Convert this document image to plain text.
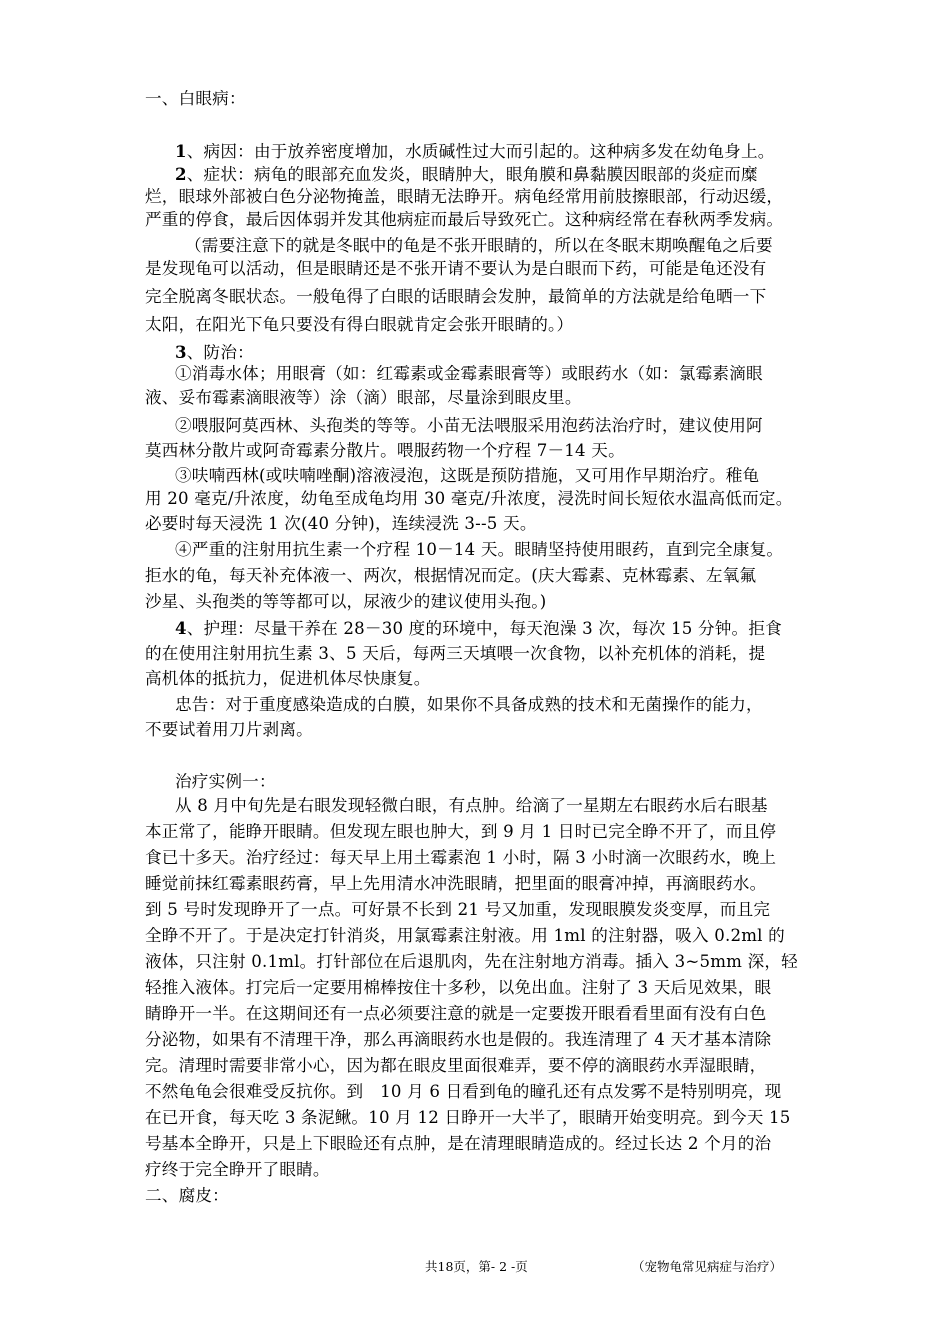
一、白眼病：
1、病因：由于放养密度增加，水质碱性过大而引起的。这种病多发在幼龟身上。
2、症状：病龟的眼部充血发炎，眼睛肿大，眼角膜和鼻黏膜因眼部的炎症而糜
烂，眼球外部被白色分泌物掩盖，眼睛无法睁开。病龟经常用前肢擦眼部，行动迟缓，
严重的停食，最后因体弱并发其他病症而最后导致死亡。这种病经常在春秋两季发病。
（需要注意下的就是冬眠中的龟是不张开眼睛的，所以在冬眠末期唤醒龟之后要
是发现龟可以活动，但是眼睛还是不张开请不要认为是白眼而下药，可能是龟还没有
完全脱离冬眠状态。一般龟得了白眼的话眼睛会发肿，最简单的方法就是给龟晒一下
太阳，在阳光下龟只要没有得白眼就肯定会张开眼睛的。）
3、防治：
①消毒水体；用眼膏（如：红霉素或金霉素眼膏等）或眼药水（如：氯霉素滴眼
液、妥布霉素滴眼液等）涂（滴）眼部，尽量涂到眼皮里。
②喂服阿莫西林、头孢类的等等。小苗无法喂服采用泡药法治疗时，建议使用阿
莫西林分散片或阿奇霉素分散片。喂服药物一个疗程 7－14 天。
③呋喃西林(或呋喃唑酮)溶液浸泡，这既是预防措施，又可用作早期治疗。稚龟
用 20 毫克/升浓度，幼龟至成龟均用 30 毫克/升浓度，浸洗时间长短依水温高低而定。
必要时每天浸洗 1 次(40 分钟)，连续浸洗 3--5 天。
④严重的注射用抗生素一个疗程 10－14 天。眼睛坚持使用眼药，直到完全康复。
拒水的龟，每天补充体液一、两次，根据情况而定。(庆大霉素、克林霉素、左氧氟
沙星、头孢类的等等都可以，尿液少的建议使用头孢。)
4、护理：尽量干养在 28－30 度的环境中，每天泡澡 3 次，每次 15 分钟。拒食
的在使用注射用抗生素 3、5 天后，每两三天填喂一次食物，以补充机体的消耗，提
高机体的抵抗力，促进机体尽快康复。
忠告：对于重度感染造成的白膜，如果你不具备成熟的技术和无菌操作的能力，
不要试着用刀片剥离。
治疗实例一：
从 8 月中旬先是右眼发现轻微白眼，有点肿。给滴了一星期左右眼药水后右眼基
本正常了，能睁开眼睛。但发现左眼也肿大，到 9 月 1 日时已完全睁不开了，而且停
食已十多天。治疗经过：每天早上用土霉素泡 1 小时，隔 3 小时滴一次眼药水，晚上
睡觉前抹红霉素眼药膏，早上先用清水冲洗眼睛，把里面的眼膏冲掉，再滴眼药水。
到 5 号时发现睁开了一点。可好景不长到 21 号又加重，发现眼膜发炎变厚，而且完
全睁不开了。于是决定打针消炎，用氯霉素注射液。用 1ml 的注射器，吸入 0.2ml 的
液体，只注射 0.1ml。打针部位在后退肌肉，先在注射地方消毒。插入 3~5mm 深，轻
轻推入液体。打完后一定要用棉棒按住十多秒，以免出血。注射了 3 天后见效果，眼
睛睁开一半。在这期间还有一点必须要注意的就是一定要拨开眼看看里面有没有白色
分泌物，如果有不清理干净，那么再滴眼药水也是假的。我连清理了 4 天才基本清除
完。清理时需要非常小心，因为都在眼皮里面很难弄，要不停的滴眼药水弄湿眼睛，
不然龟龟会很难受反抗你。到　10 月 6 日看到龟的瞳孔还有点发雾不是特别明亮，现
在已开食，每天吃 3 条泥鳅。10 月 12 日睁开一大半了，眼睛开始变明亮。到今天 15
号基本全睁开，只是上下眼睑还有点肿，是在清理眼睛造成的。经过长达 2 个月的治
疗终于完全睁开了眼睛。
二、腐皮：
共18页，第- 2 -页	（宠物龟常见病症与治疗）
